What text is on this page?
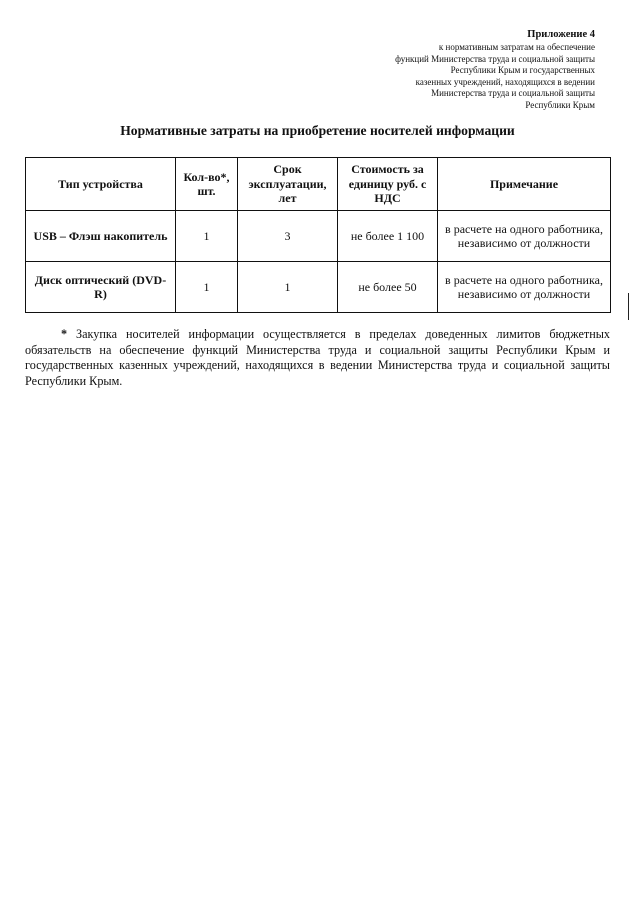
Приложение 4
к нормативным затратам на обеспечение
функций Министерства труда и социальной защиты
Республики Крым и государственных
казенных учреждений, находящихся в ведении
Министерства труда и социальной защиты
Республики Крым
Нормативные затраты на приобретение носителей информации
Тип устройства	Кол-во*, шт.	Срок эксплуатации, лет	Стоимость за единицу руб. с НДС	Примечание
USB – Флэш накопитель	1	3	не более 1 100	в расчете на одного работника, независимо от должности
Диск оптический (DVD-R)	1	1	не более 50	в расчете на одного работника, независимо от должности
* Закупка носителей информации осуществляется в пределах доведенных лимитов бюджетных обязательств на обеспечение функций Министерства труда и социальной защиты Республики Крым и государственных казенных учреждений, находящихся в ведении Министерства труда и социальной защиты Республики Крым.
